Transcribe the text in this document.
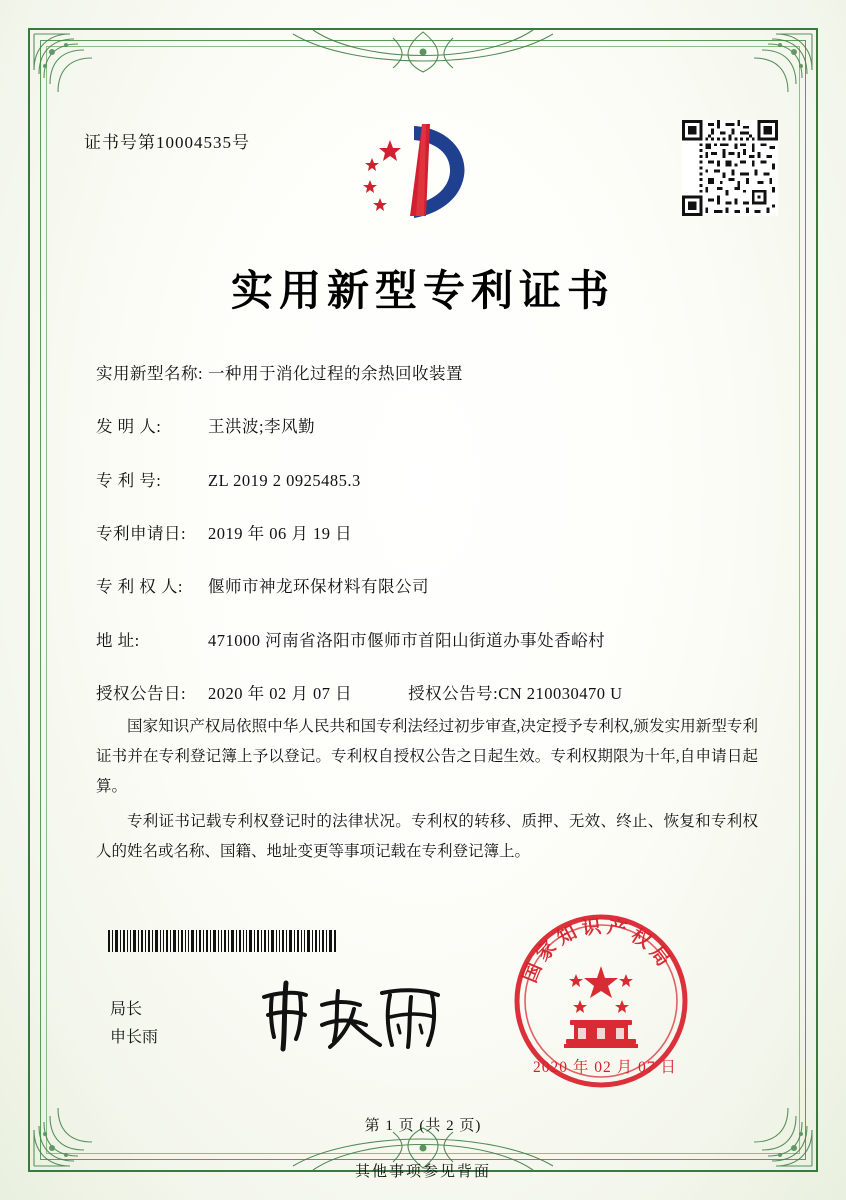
证书号第10004535号
实用新型专利证书
实用新型名称: 一种用于消化过程的余热回收装置
发 明 人:	王洪波;李风勤
专 利 号:	ZL 2019 2 0925485.3
专利申请日:	2019 年 06 月 19 日
专 利 权 人:	偃师市神龙环保材料有限公司
地 址:	471000 河南省洛阳市偃师市首阳山街道办事处香峪村
授权公告日:	2020 年 02 月 07 日	授权公告号: CN 210030470 U

国家知识产权局依照中华人民共和国专利法经过初步审查,决定授予专利权,颁发实用新型专利证书并在专利登记簿上予以登记。专利权自授权公告之日起生效。专利权期限为十年,自申请日起算。

专利证书记载专利权登记时的法律状况。专利权的转移、质押、无效、终止、恢复和专利权人的姓名或名称、国籍、地址变更等事项记载在专利登记簿上。

局长
申长雨
国 家 知 识 产 权 局
2020 年 02 月 07 日
第 1 页 (共 2 页)
其他事项参见背面
